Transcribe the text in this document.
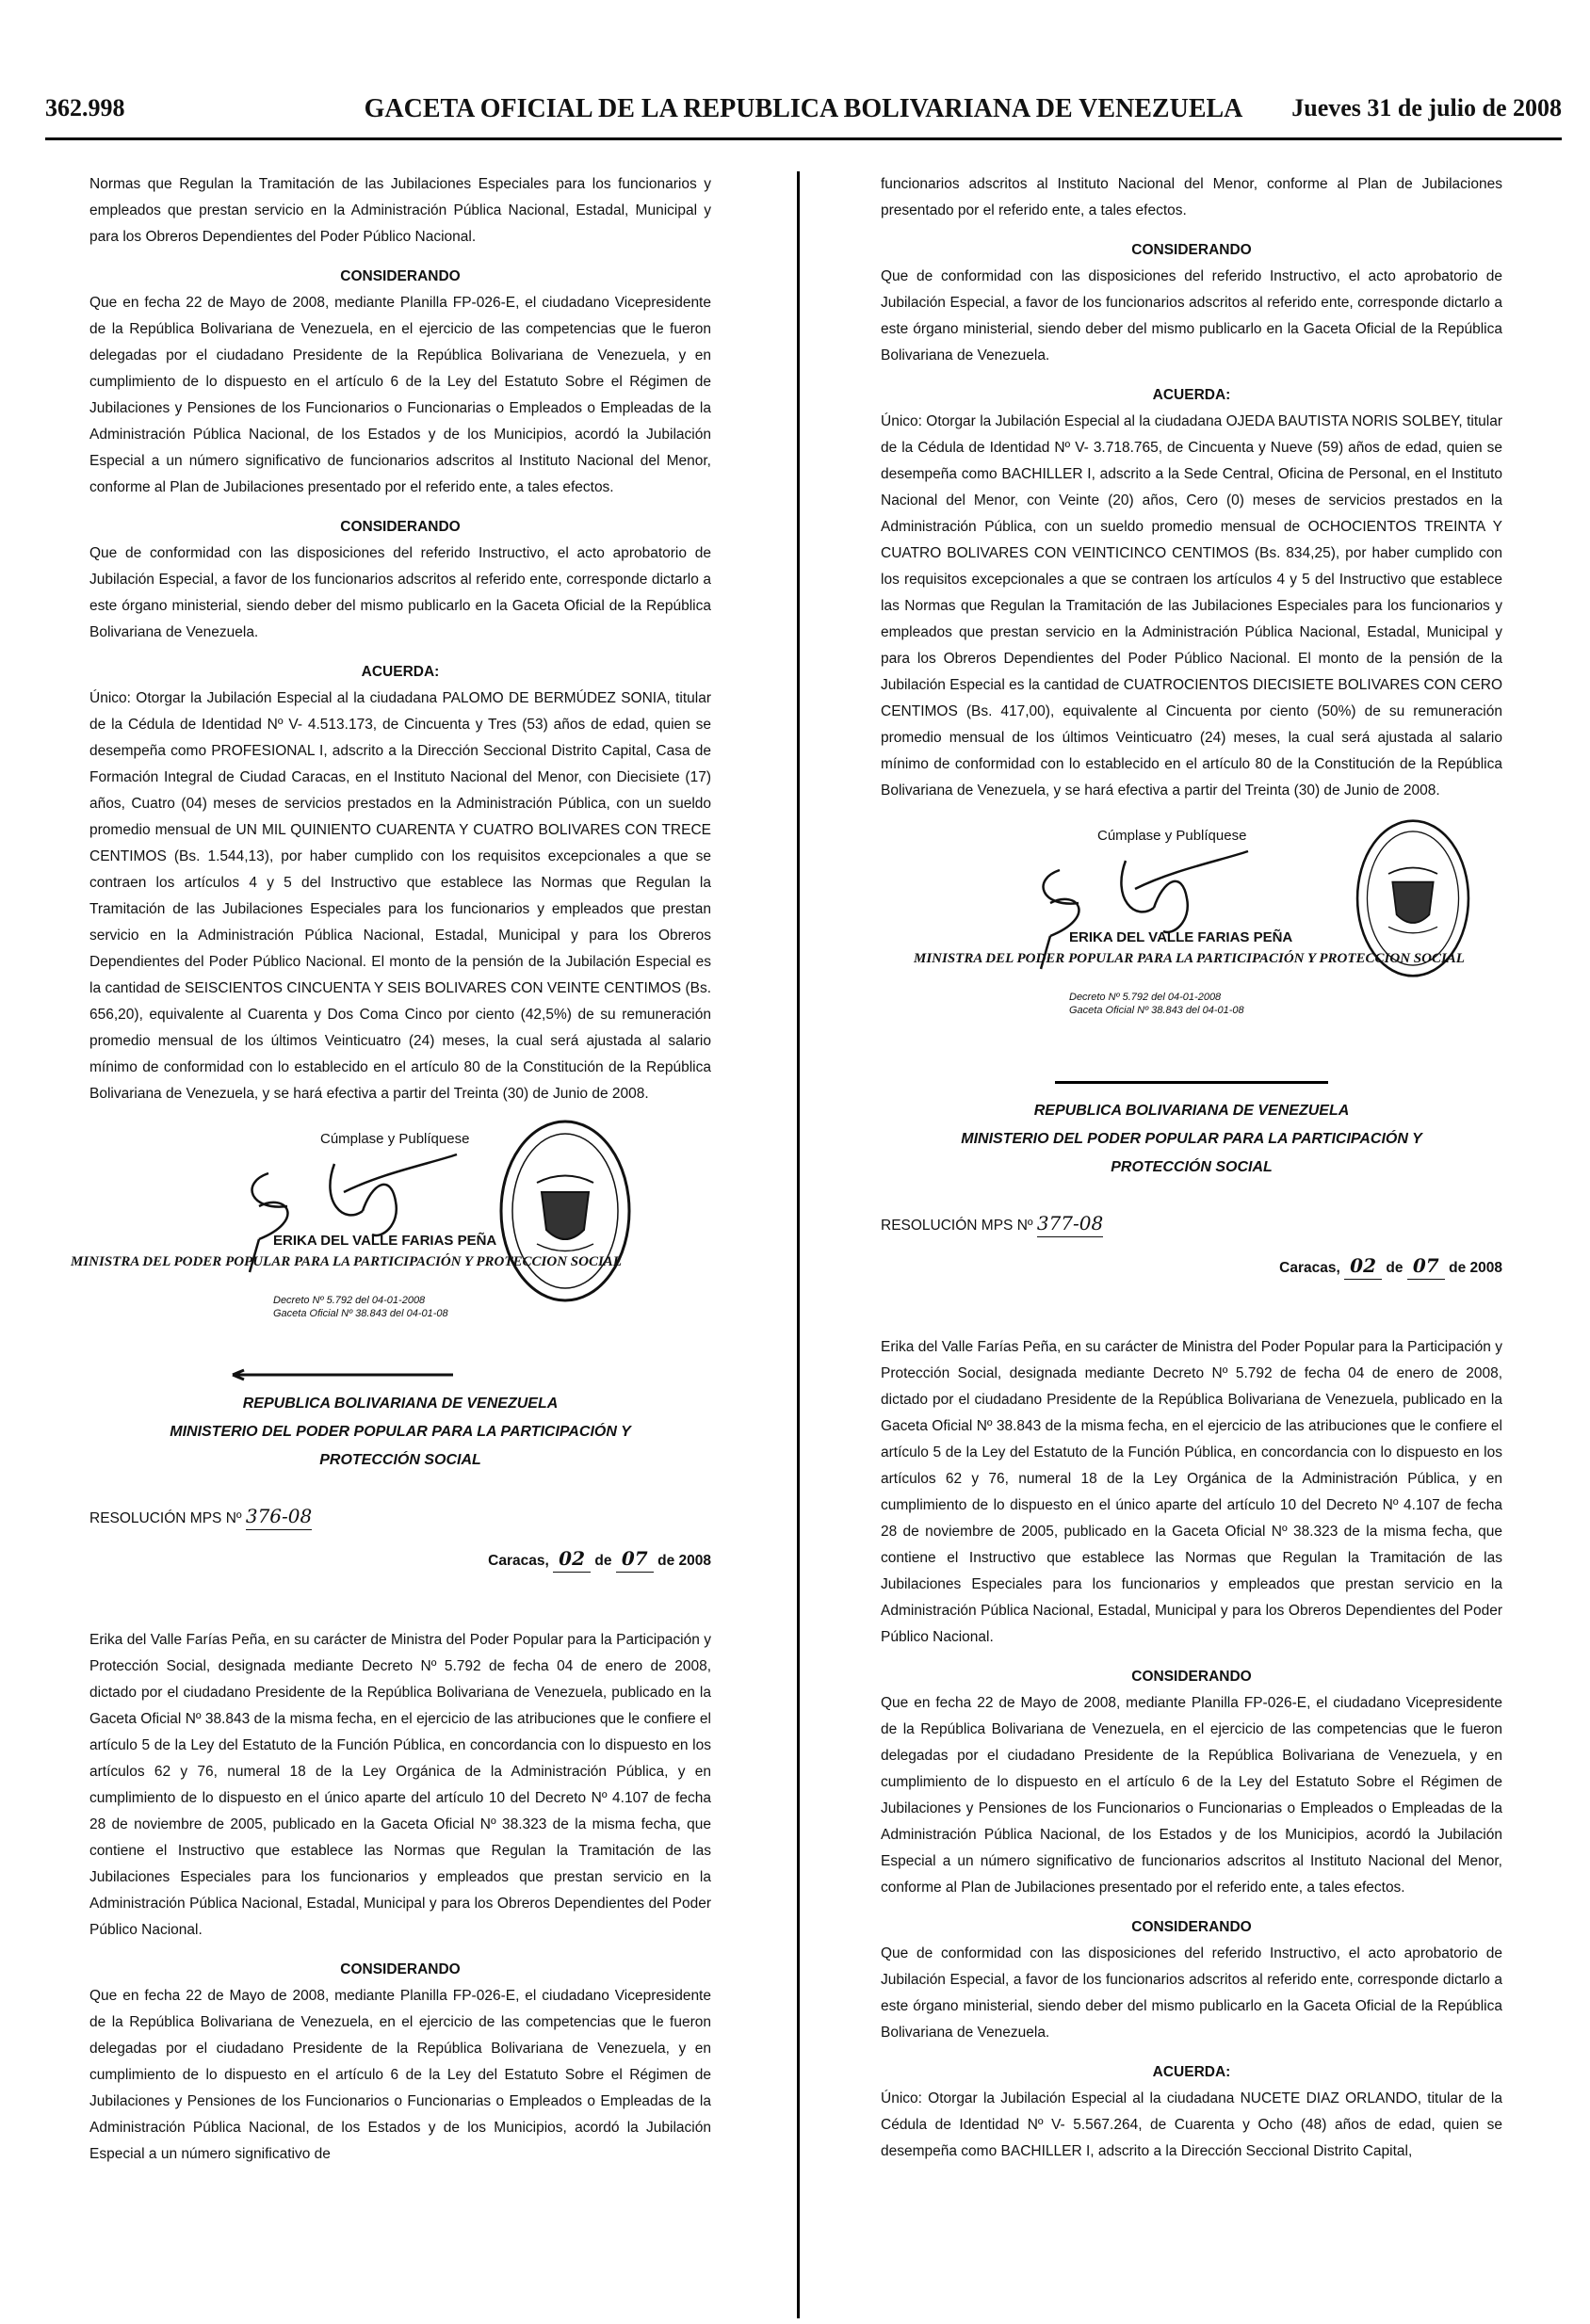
362.998	GACETA OFICIAL DE LA REPUBLICA BOLIVARIANA DE VENEZUELA	Jueves 31 de julio de 2008

Normas que Regulan la Tramitación de las Jubilaciones Especiales para los funcionarios y empleados que prestan servicio en la Administración Pública Nacional, Estadal, Municipal y para los Obreros Dependientes del Poder Público Nacional.

CONSIDERANDO

Que en fecha 22 de Mayo de 2008, mediante Planilla FP-026-E, el ciudadano Vicepresidente de la República Bolivariana de Venezuela, en el ejercicio de las competencias que le fueron delegadas por el ciudadano Presidente de la República Bolivariana de Venezuela, y en cumplimiento de lo dispuesto en el artículo 6 de la Ley del Estatuto Sobre el Régimen de Jubilaciones y Pensiones de los Funcionarios o Funcionarias o Empleados o Empleadas de la Administración Pública Nacional, de los Estados y de los Municipios, acordó la Jubilación Especial a un número significativo de funcionarios adscritos al Instituto Nacional del Menor, conforme al Plan de Jubilaciones presentado por el referido ente, a tales efectos.

CONSIDERANDO

Que de conformidad con las disposiciones del referido Instructivo, el acto aprobatorio de Jubilación Especial, a favor de los funcionarios adscritos al referido ente, corresponde dictarlo a este órgano ministerial, siendo deber del mismo publicarlo en la Gaceta Oficial de la República Bolivariana de Venezuela.

ACUERDA:

Único: Otorgar la Jubilación Especial al la ciudadana PALOMO DE BERMÚDEZ SONIA, titular de la Cédula de Identidad Nº V- 4.513.173, de Cincuenta y Tres (53) años de edad, quien se desempeña como PROFESIONAL I, adscrito a la Dirección Seccional Distrito Capital, Casa de Formación Integral de Ciudad Caracas, en el Instituto Nacional del Menor, con Diecisiete (17) años, Cuatro (04) meses de servicios prestados en la Administración Pública, con un sueldo promedio mensual de UN MIL QUINIENTO CUARENTA Y CUATRO BOLIVARES CON TRECE CENTIMOS (Bs. 1.544,13), por haber cumplido con los requisitos excepcionales a que se contraen los artículos 4 y 5 del Instructivo que establece las Normas que Regulan la Tramitación de las Jubilaciones Especiales para los funcionarios y empleados que prestan servicio en la Administración Pública Nacional, Estadal, Municipal y para los Obreros Dependientes del Poder Público Nacional. El monto de la pensión de la Jubilación Especial es la cantidad de SEISCIENTOS CINCUENTA Y SEIS BOLIVARES CON VEINTE CENTIMOS (Bs. 656,20), equivalente al Cuarenta y Dos Coma Cinco por ciento (42,5%) de su remuneración promedio mensual de los últimos Veinticuatro (24) meses, la cual será ajustada al salario mínimo de conformidad con lo establecido en el artículo 80 de la Constitución de la República Bolivariana de Venezuela, y se hará efectiva a partir del Treinta (30) de Junio de 2008.

Cúmplase y Publíquese
ERIKA DEL VALLE FARIAS PEÑA
MINISTRA DEL PODER POPULAR PARA LA PARTICIPACIÓN Y PROTECCION SOCIAL
Decreto Nº 5.792 del 04-01-2008
Gaceta Oficial Nº 38.843 del 04-01-08

REPUBLICA BOLIVARIANA DE VENEZUELA

MINISTERIO DEL PODER POPULAR PARA LA PARTICIPACIÓN Y

PROTECCIÓN SOCIAL

RESOLUCIÓN MPS Nº 376-08

Caracas, 02 de 07 de 2008

Erika del Valle Farías Peña, en su carácter de Ministra del Poder Popular para la Participación y Protección Social, designada mediante Decreto Nº 5.792 de fecha 04 de enero de 2008, dictado por el ciudadano Presidente de la República Bolivariana de Venezuela, publicado en la Gaceta Oficial Nº 38.843 de la misma fecha, en el ejercicio de las atribuciones que le confiere el artículo 5 de la Ley del Estatuto de la Función Pública, en concordancia con lo dispuesto en los artículos 62 y 76, numeral 18 de la Ley Orgánica de la Administración Pública, y en cumplimiento de lo dispuesto en el único aparte del artículo 10 del Decreto Nº 4.107 de fecha 28 de noviembre de 2005, publicado en la Gaceta Oficial Nº 38.323 de la misma fecha, que contiene el Instructivo que establece las Normas que Regulan la Tramitación de las Jubilaciones Especiales para los funcionarios y empleados que prestan servicio en la Administración Pública Nacional, Estadal, Municipal y para los Obreros Dependientes del Poder Público Nacional.

CONSIDERANDO

Que en fecha 22 de Mayo de 2008, mediante Planilla FP-026-E, el ciudadano Vicepresidente de la República Bolivariana de Venezuela, en el ejercicio de las competencias que le fueron delegadas por el ciudadano Presidente de la República Bolivariana de Venezuela, y en cumplimiento de lo dispuesto en el artículo 6 de la Ley del Estatuto Sobre el Régimen de Jubilaciones y Pensiones de los Funcionarios o Funcionarias o Empleados o Empleadas de la Administración Pública Nacional, de los Estados y de los Municipios, acordó la Jubilación Especial a un número significativo de

funcionarios adscritos al Instituto Nacional del Menor, conforme al Plan de Jubilaciones presentado por el referido ente, a tales efectos.

CONSIDERANDO

Que de conformidad con las disposiciones del referido Instructivo, el acto aprobatorio de Jubilación Especial, a favor de los funcionarios adscritos al referido ente, corresponde dictarlo a este órgano ministerial, siendo deber del mismo publicarlo en la Gaceta Oficial de la República Bolivariana de Venezuela.

ACUERDA:

Único: Otorgar la Jubilación Especial al la ciudadana OJEDA BAUTISTA NORIS SOLBEY, titular de la Cédula de Identidad Nº V- 3.718.765, de Cincuenta y Nueve (59) años de edad, quien se desempeña como BACHILLER I, adscrito a la Sede Central, Oficina de Personal, en el Instituto Nacional del Menor, con Veinte (20) años, Cero (0) meses de servicios prestados en la Administración Pública, con un sueldo promedio mensual de OCHOCIENTOS TREINTA Y CUATRO BOLIVARES CON VEINTICINCO CENTIMOS (Bs. 834,25), por haber cumplido con los requisitos excepcionales a que se contraen los artículos 4 y 5 del Instructivo que establece las Normas que Regulan la Tramitación de las Jubilaciones Especiales para los funcionarios y empleados que prestan servicio en la Administración Pública Nacional, Estadal, Municipal y para los Obreros Dependientes del Poder Público Nacional. El monto de la pensión de la Jubilación Especial es la cantidad de CUATROCIENTOS DIECISIETE BOLIVARES CON CERO CENTIMOS (Bs. 417,00), equivalente al Cincuenta por ciento (50%) de su remuneración promedio mensual de los últimos Veinticuatro (24) meses, la cual será ajustada al salario mínimo de conformidad con lo establecido en el artículo 80 de la Constitución de la República Bolivariana de Venezuela, y se hará efectiva a partir del Treinta (30) de Junio de 2008.

Cúmplase y Publíquese
ERIKA DEL VALLE FARIAS PEÑA
MINISTRA DEL PODER POPULAR PARA LA PARTICIPACIÓN Y PROTECCION SOCIAL
Decreto Nº 5.792 del 04-01-2008
Gaceta Oficial Nº 38.843 del 04-01-08

REPUBLICA BOLIVARIANA DE VENEZUELA

MINISTERIO DEL PODER POPULAR PARA LA PARTICIPACIÓN Y

PROTECCIÓN SOCIAL

RESOLUCIÓN MPS Nº 377-08

Caracas, 02 de 07 de 2008

Erika del Valle Farías Peña, en su carácter de Ministra del Poder Popular para la Participación y Protección Social, designada mediante Decreto Nº 5.792 de fecha 04 de enero de 2008, dictado por el ciudadano Presidente de la República Bolivariana de Venezuela, publicado en la Gaceta Oficial Nº 38.843 de la misma fecha, en el ejercicio de las atribuciones que le confiere el artículo 5 de la Ley del Estatuto de la Función Pública, en concordancia con lo dispuesto en los artículos 62 y 76, numeral 18 de la Ley Orgánica de la Administración Pública, y en cumplimiento de lo dispuesto en el único aparte del artículo 10 del Decreto Nº 4.107 de fecha 28 de noviembre de 2005, publicado en la Gaceta Oficial Nº 38.323 de la misma fecha, que contiene el Instructivo que establece las Normas que Regulan la Tramitación de las Jubilaciones Especiales para los funcionarios y empleados que prestan servicio en la Administración Pública Nacional, Estadal, Municipal y para los Obreros Dependientes del Poder Público Nacional.

CONSIDERANDO

Que en fecha 22 de Mayo de 2008, mediante Planilla FP-026-E, el ciudadano Vicepresidente de la República Bolivariana de Venezuela, en el ejercicio de las competencias que le fueron delegadas por el ciudadano Presidente de la República Bolivariana de Venezuela, y en cumplimiento de lo dispuesto en el artículo 6 de la Ley del Estatuto Sobre el Régimen de Jubilaciones y Pensiones de los Funcionarios o Funcionarias o Empleados o Empleadas de la Administración Pública Nacional, de los Estados y de los Municipios, acordó la Jubilación Especial a un número significativo de funcionarios adscritos al Instituto Nacional del Menor, conforme al Plan de Jubilaciones presentado por el referido ente, a tales efectos.

CONSIDERANDO

Que de conformidad con las disposiciones del referido Instructivo, el acto aprobatorio de Jubilación Especial, a favor de los funcionarios adscritos al referido ente, corresponde dictarlo a este órgano ministerial, siendo deber del mismo publicarlo en la Gaceta Oficial de la República Bolivariana de Venezuela.

ACUERDA:

Único: Otorgar la Jubilación Especial al la ciudadana NUCETE DIAZ ORLANDO, titular de la Cédula de Identidad Nº V- 5.567.264, de Cuarenta y Ocho (48) años de edad, quien se desempeña como BACHILLER I, adscrito a la Dirección Seccional Distrito Capital,
